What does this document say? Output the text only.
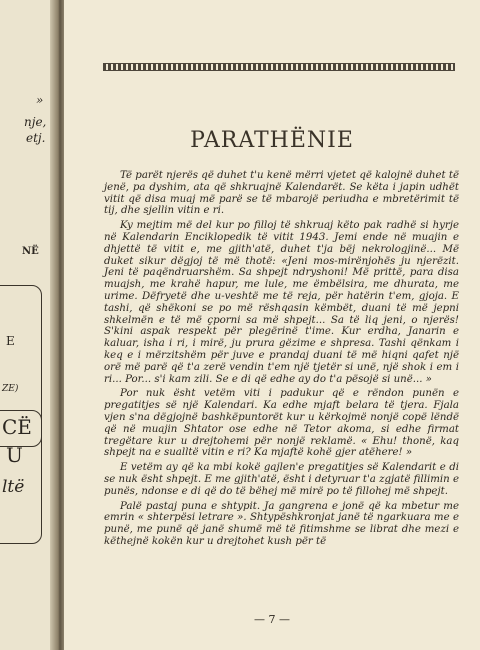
»
nje,
etj.
NË
E
ZE)
CË
U
ltë
PARATHËNIE

Të parët njerës që duhet t'u kenë mërri vjetet që kalojnë duhet të jenë, pa dyshim, ata që shkruajnë Kalendarët. Se këta i japin udhët vitit që disa muaj më parë se të mbarojë periudha e mbretërimit të tij, dhe sjellin vitin e ri.

Ky mejtim më del kur po filloj të shkruaj këto pak radhë si hyrje në Kalendarin Enciklopedik të vitit 1943. Jemi ende në muajin e dhjettë të vitit e, me gjith'atë, duhet t'ja bëj nekrologjinë... Më duket sikur dëgjoj të më thotë: «Jeni mos-mirënjohës ju njerëzit. Jeni të paqëndruarshëm. Sa shpejt ndryshoni! Më prittë, para disa muajsh, me krahë hapur, me lule, me ëmbëlsira, me dhurata, me urime. Dëfryetë dhe u-veshtë me të reja, për hatërin t'em, gjoja. E tashi, që shëkoni se po më rëshqasin këmbët, duani të më jepni shkelmën e të më çporni sa më shpejt... Sa të liq jeni, o njerës! S'kini aspak respekt për plegërinë t'ime. Kur erdha, Janarin e kaluar, isha i ri, i mirë, ju prura gëzime e shpresa. Tashi qënkam i keq e i mërzitshëm për juve e prandaj duani të më hiqni qafet një orë më parë që t'a zerë vendin t'em një tjetër si unë, një shok i em i ri... Por... s'i kam zili. Se e di që edhe ay do t'a pësojë si unë... »

Por nuk ësht vetëm viti i padukur që e rëndon punën e pregatitjes së një Kalendari. Ka edhe mjaft belara të tjera. Fjala vjen s'na dëgjojnë bashkëpuntorët kur u kërkojmë nonjë copë lëndë që në muajin Shtator ose edhe në Tetor akoma, si edhe firmat tregëtare kur u drejtohemi për nonjë reklamë. « Ehu! thonë, kaq shpejt na e sualltë vitin e ri? Ka mjaftë kohë gjer atëhere! »

E vetëm ay që ka mbi kokë gajlen'e pregatitjes së Kalendarit e di se nuk ësht shpejt. E me gjith'atë, ësht i detyruar t'a zgjatë fillimin e punës, ndonse e di që do të bëhej më mirë po të fillohej më shpejt.

Palë pastaj puna e shtypit. Ja gangrena e jonë që ka mbetur me emrin « shterpësi letrare ». Shtypëshkronjat janë të ngarkuara me e punë, me punë që janë shumë më të fitimshme se librat dhe mezi e këthejnë kokën kur u drejtohet kush për të

— 7 —
